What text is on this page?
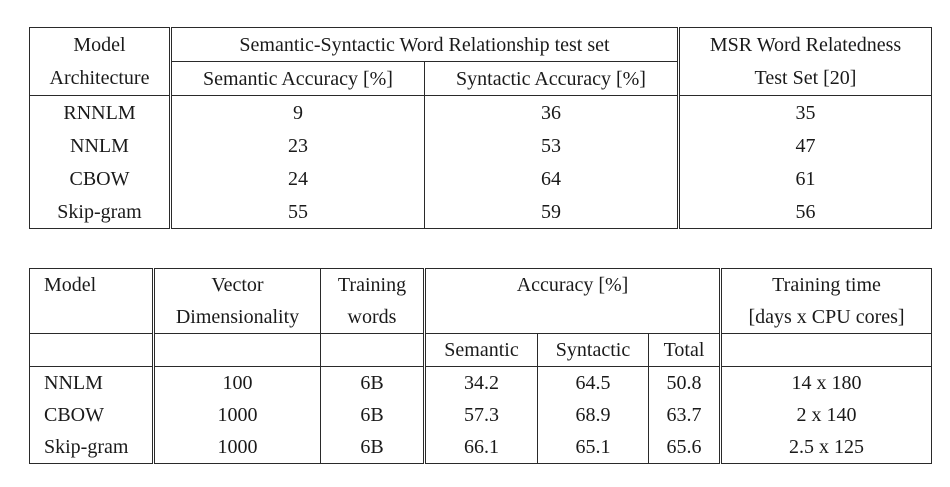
Model	Semantic-Syntactic Word Relationship test set		MSR Word Relatedness
Architecture	Semantic Accuracy [%]	Syntactic Accuracy [%]	Test Set [20]
RNNLM	9	36	35
NNLM	23	53	47
CBOW	24	64	61
Skip-gram	55	59	56
Model	Vector	Training	Accuracy [%]			Training time
	Dimensionality	words				[days x CPU cores]
			Semantic	Syntactic	Total	
NNLM	100	6B	34.2	64.5	50.8	14 x 180
CBOW	1000	6B	57.3	68.9	63.7	2 x 140
Skip-gram	1000	6B	66.1	65.1	65.6	2.5 x 125
